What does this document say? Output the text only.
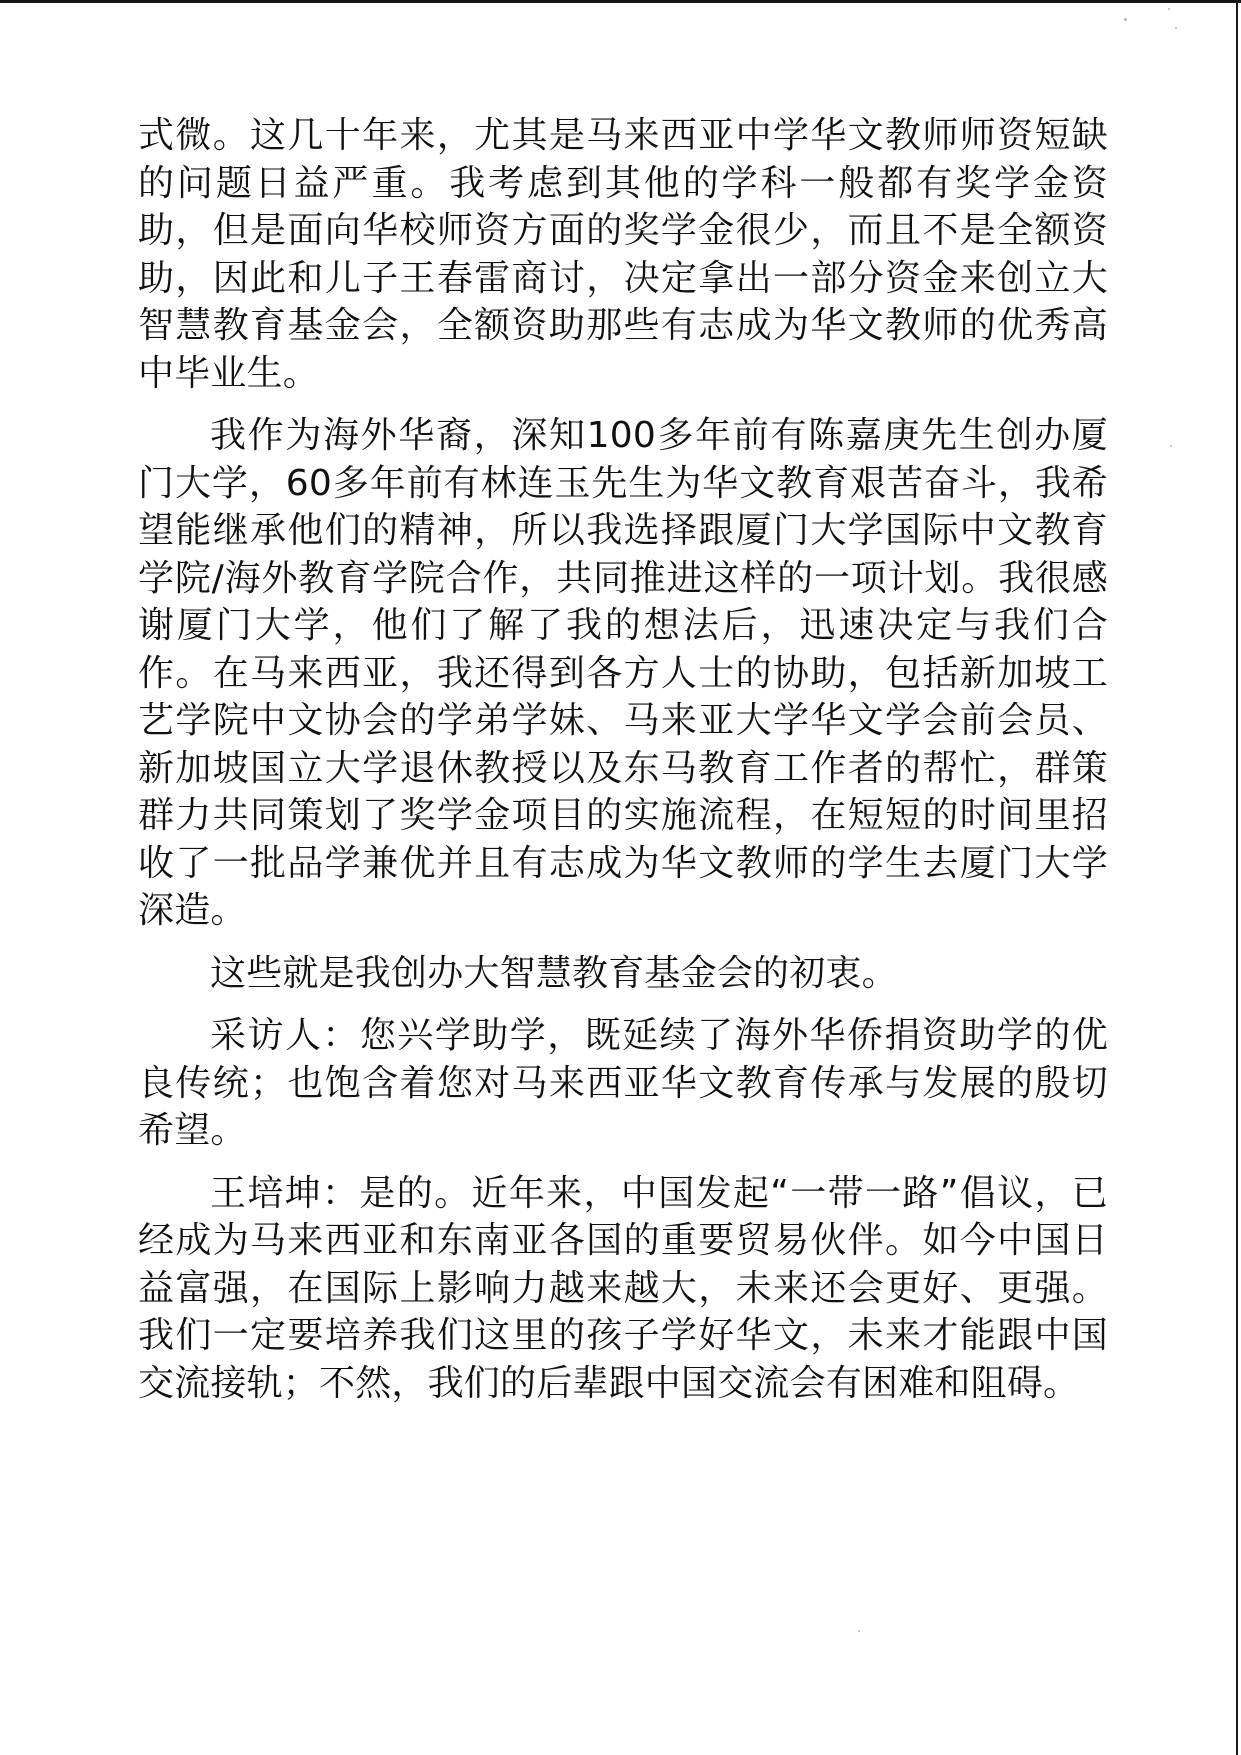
式微。这几十年来，尤其是马来西亚中学华文教师师资短缺的问题日益严重。我考虑到其他的学科一般都有奖学金资助，但是面向华校师资方面的奖学金很少，而且不是全额资助，因此和儿子王春雷商讨，决定拿出一部分资金来创立大智慧教育基金会，全额资助那些有志成为华文教师的优秀高中毕业生。

我作为海外华裔，深知100多年前有陈嘉庚先生创办厦门大学，60多年前有林连玉先生为华文教育艰苦奋斗，我希望能继承他们的精神，所以我选择跟厦门大学国际中文教育学院/海外教育学院合作，共同推进这样的一项计划。我很感谢厦门大学，他们了解了我的想法后，迅速决定与我们合作。在马来西亚，我还得到各方人士的协助，包括新加坡工艺学院中文协会的学弟学妹、马来亚大学华文学会前会员、新加坡国立大学退休教授以及东马教育工作者的帮忙，群策群力共同策划了奖学金项目的实施流程，在短短的时间里招收了一批品学兼优并且有志成为华文教师的学生去厦门大学深造。

这些就是我创办大智慧教育基金会的初衷。

采访人：您兴学助学，既延续了海外华侨捐资助学的优良传统；也饱含着您对马来西亚华文教育传承与发展的殷切希望。

王培坤：是的。近年来，中国发起“一带一路”倡议，已经成为马来西亚和东南亚各国的重要贸易伙伴。如今中国日益富强，在国际上影响力越来越大，未来还会更好、更强。我们一定要培养我们这里的孩子学好华文，未来才能跟中国交流接轨；不然，我们的后辈跟中国交流会有困难和阻碍。
